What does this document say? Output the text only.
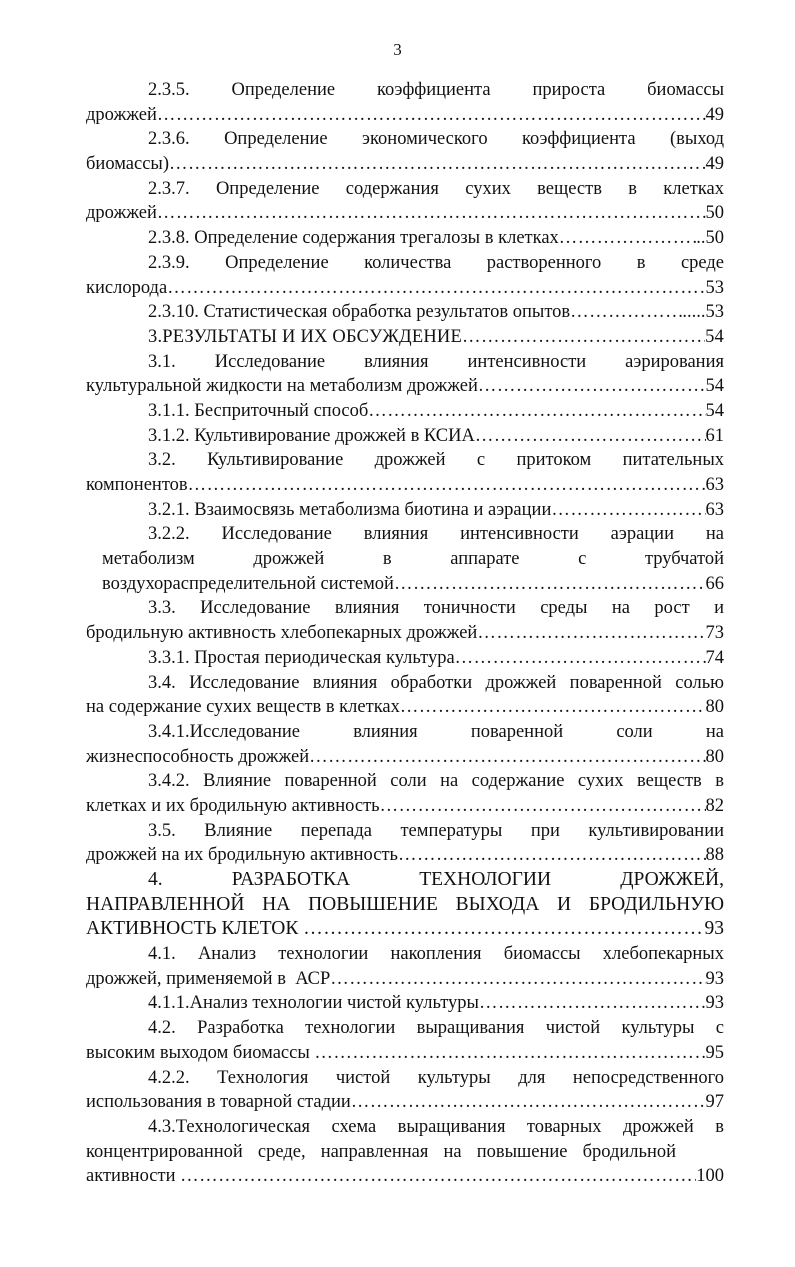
3
2.3.5. Определение коэффициента прироста биомассы
дрожжей ………………………………………………………………………………………………………………………………………………………………………………………	49
2.3.6. Определение экономического коэффициента (выход
биомассы) ………………………………………………………………………………………………………………………………………………………………………………………	49
2.3.7. Определение содержания сухих веществ в клетках
дрожжей ………………………………………………………………………………………………………………………………………………………………………………………	50
2.3.8. Определение содержания трегалозы в клетках ………………………………………………………………………………………………………………………………………………………………………………………	..50
2.3.9. Определение количества растворенного в среде
кислорода ………………………………………………………………………………………………………………………………………………………………………………………	53
2.3.10. Статистическая обработка результатов опытов ………………………………………………………………………………………………………………………………………………………………………………………	.....53
3.РЕЗУЛЬТАТЫ И ИХ ОБСУЖДЕНИЕ ………………………………………………………………………………………………………………………………………………………………………………………	54
3.1. Исследование влияния интенсивности аэрирования
культуральной жидкости на метаболизм дрожжей ………………………………………………………………………………………………………………………………………………………………………………………	54
3.1.1. Бесприточный способ ………………………………………………………………………………………………………………………………………………………………………………………	54
3.1.2. Культивирование дрожжей в КСИА ………………………………………………………………………………………………………………………………………………………………………………………	61
3.2. Культивирование дрожжей с притоком питательных
компонентов ………………………………………………………………………………………………………………………………………………………………………………………	63
3.2.1. Взаимосвязь метаболизма биотина и аэрации ………………………………………………………………………………………………………………………………………………………………………………………	63
3.2.2. Исследование влияния интенсивности аэрации на
метаболизм дрожжей в аппарате с трубчатой
воздухораспределительной системой ………………………………………………………………………………………………………………………………………………………………………………………	66
3.3. Исследование влияния тоничности среды на рост и
бродильную активность хлебопекарных дрожжей ………………………………………………………………………………………………………………………………………………………………………………………	73
3.3.1. Простая периодическая культура ………………………………………………………………………………………………………………………………………………………………………………………	74
3.4. Исследование влияния обработки дрожжей поваренной солью
на содержание сухих веществ в клетках ………………………………………………………………………………………………………………………………………………………………………………………	80
3.4.1.Исследование влияния поваренной соли на
жизнеспособность дрожжей ………………………………………………………………………………………………………………………………………………………………………………………	80
3.4.2. Влияние поваренной соли на содержание сухих веществ в
клетках и их бродильную активность ………………………………………………………………………………………………………………………………………………………………………………………	82
3.5. Влияние перепада температуры при культивировании
дрожжей на их бродильную активность ………………………………………………………………………………………………………………………………………………………………………………………	88
4. РАЗРАБОТКА ТЕХНОЛОГИИ ДРОЖЖЕЙ,
НАПРАВЛЕННОЙ НА ПОВЫШЕНИЕ ВЫХОДА И БРОДИЛЬНУЮ
АКТИВНОСТЬ КЛЕТОК ………………………………………………………………………………………………………………………………………………………………………………………	93
4.1. Анализ технологии накопления биомассы хлебопекарных
дрожжей, применяемой в  АСР ………………………………………………………………………………………………………………………………………………………………………………………	93
4.1.1.Анализ технологии чистой культуры ………………………………………………………………………………………………………………………………………………………………………………………	93
4.2. Разработка технологии выращивания чистой культуры с
высоким выходом биомассы ………………………………………………………………………………………………………………………………………………………………………………………	95
4.2.2. Технология чистой культуры для непосредственного
использования в товарной стадии ………………………………………………………………………………………………………………………………………………………………………………………	97
4.3.Технологическая схема выращивания товарных дрожжей в
концентрированной среде, направленная на повышение бродильной
активности ………………………………………………………………………………………………………………………………………………………………………………………	100
